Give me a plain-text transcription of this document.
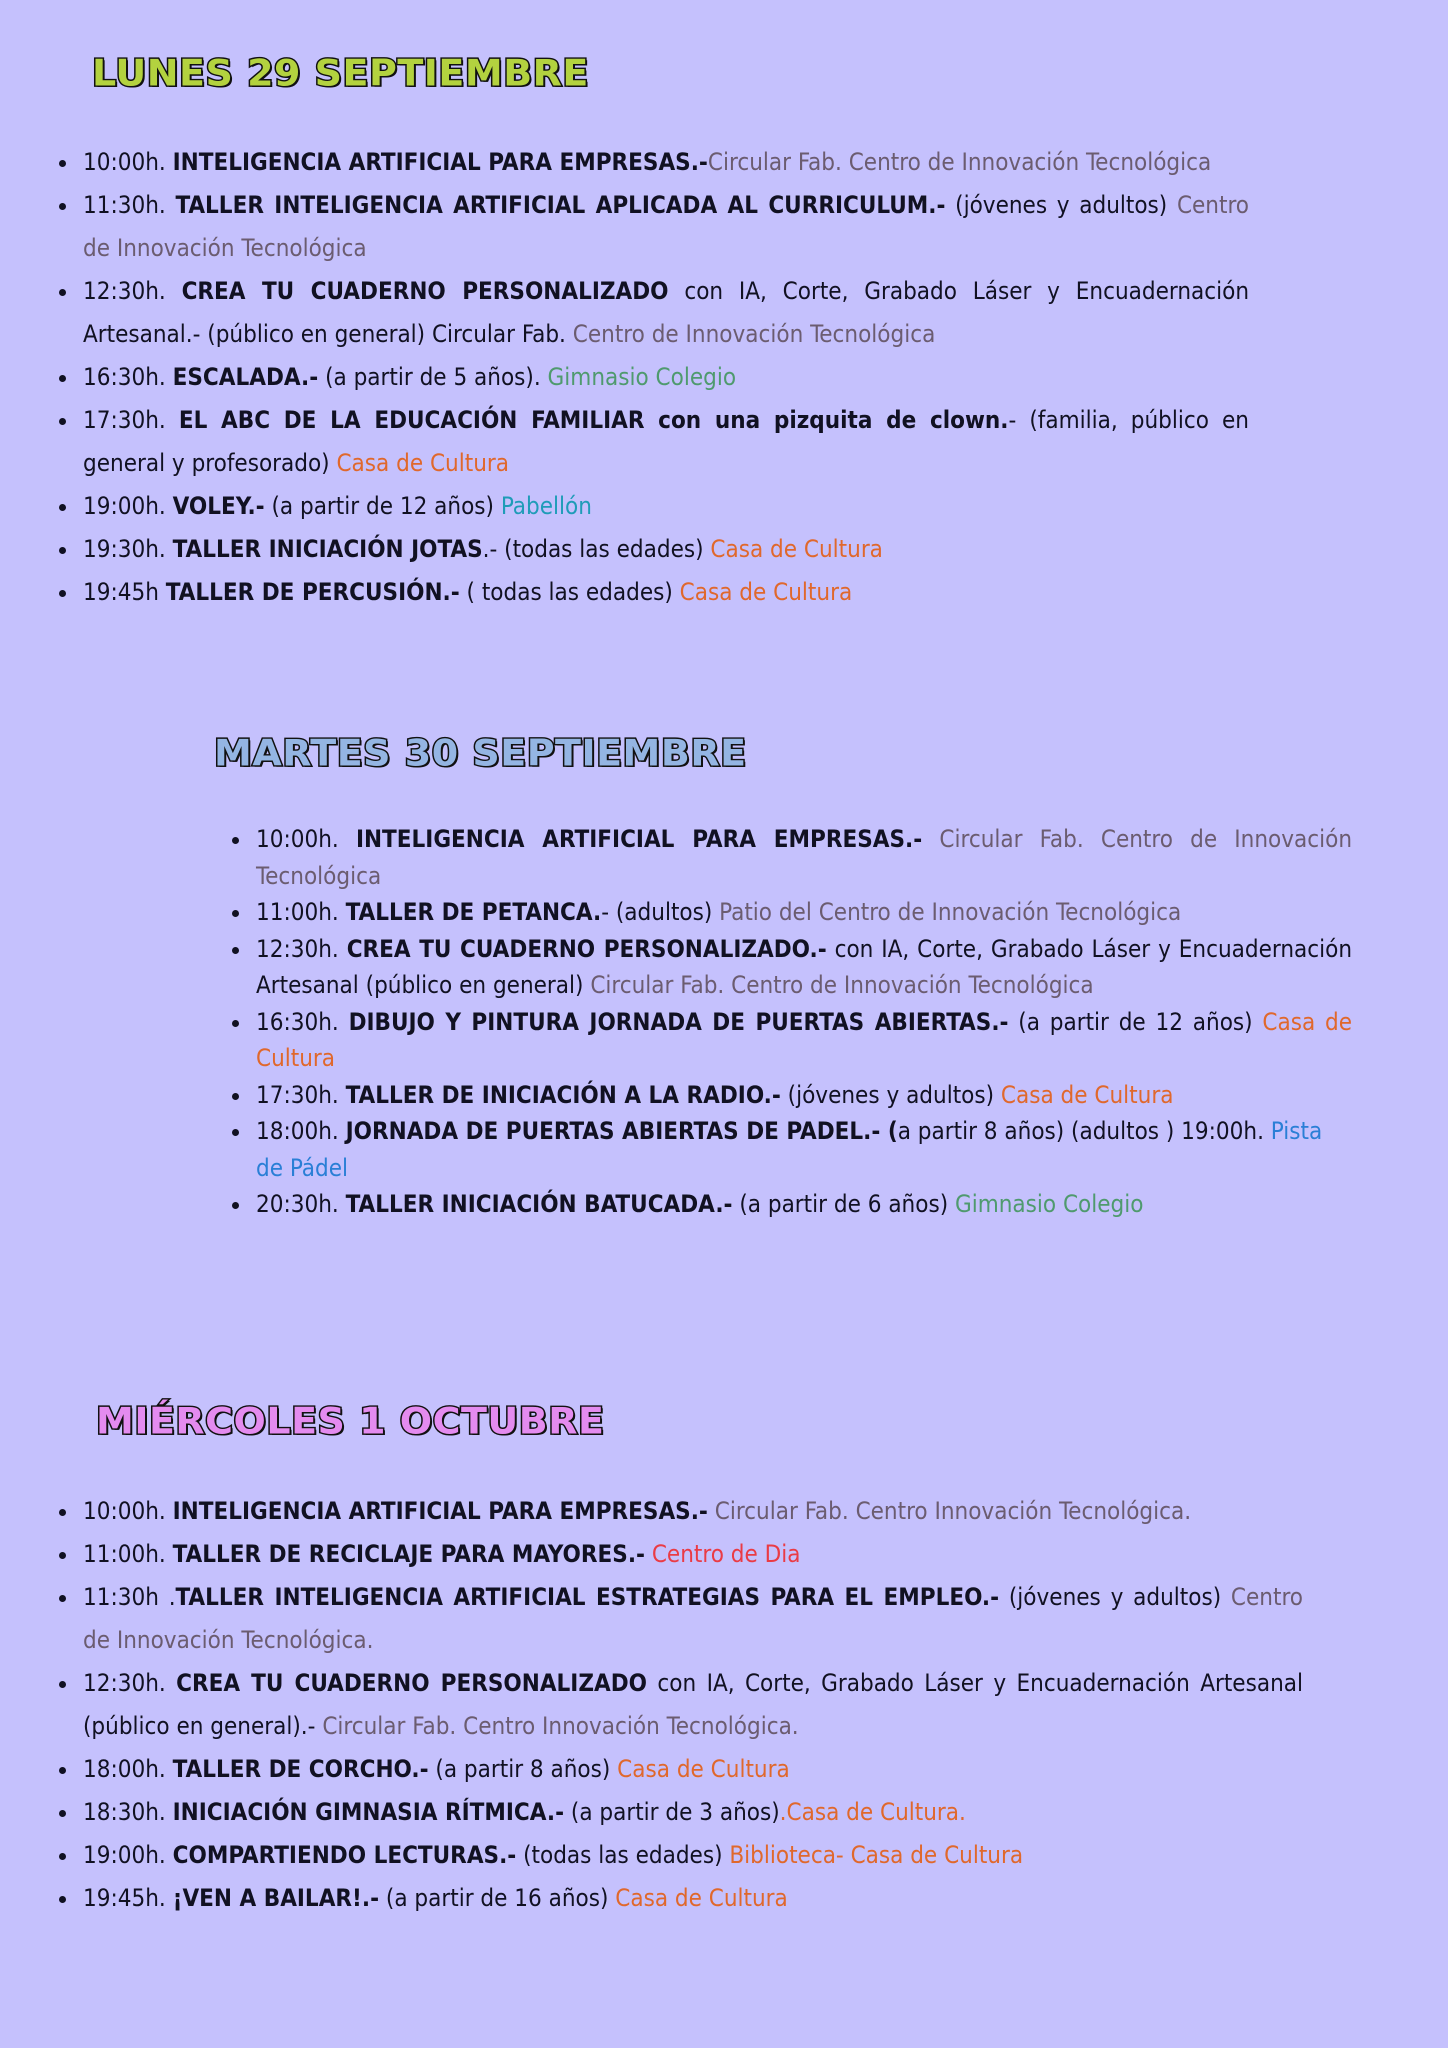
LUNES 29 SEPTIEMBRE
10:00h. INTELIGENCIA ARTIFICIAL PARA EMPRESAS.-Circular Fab. Centro de Innovación Tecnológica
11:30h. TALLER INTELIGENCIA ARTIFICIAL APLICADA AL CURRICULUM.- (jóvenes y adultos) Centro de Innovación Tecnológica
12:30h. CREA TU CUADERNO PERSONALIZADO con IA, Corte, Grabado Láser y Encuadernación Artesanal.- (público en general) Circular Fab. Centro de Innovación Tecnológica
16:30h. ESCALADA.- (a partir de 5 años). Gimnasio Colegio
17:30h. EL ABC DE LA EDUCACIÓN FAMILIAR con una pizquita de clown.- (familia, público en general y profesorado) Casa de Cultura
19:00h. VOLEY.- (a partir de 12 años) Pabellón
19:30h. TALLER INICIACIÓN JOTAS.- (todas las edades) Casa de Cultura
19:45h TALLER DE PERCUSIÓN.- ( todas las edades) Casa de Cultura
MARTES 30 SEPTIEMBRE
10:00h. INTELIGENCIA ARTIFICIAL PARA EMPRESAS.- Circular Fab. Centro de Innovación Tecnológica
11:00h. TALLER DE PETANCA.- (adultos) Patio del Centro de Innovación Tecnológica
12:30h. CREA TU CUADERNO PERSONALIZADO.- con IA, Corte, Grabado Láser y Encuadernación Artesanal (público en general) Circular Fab. Centro de Innovación Tecnológica
16:30h. DIBUJO Y PINTURA JORNADA DE PUERTAS ABIERTAS.- (a partir de 12 años) Casa de Cultura
17:30h. TALLER DE INICIACIÓN A LA RADIO.- (jóvenes y adultos) Casa de Cultura
18:00h. JORNADA DE PUERTAS ABIERTAS DE PADEL.- (a partir 8 años) (adultos ) 19:00h. Pista de Pádel
20:30h. TALLER INICIACIÓN BATUCADA.- (a partir de 6 años) Gimnasio Colegio
MIÉRCOLES 1 OCTUBRE
10:00h. INTELIGENCIA ARTIFICIAL PARA EMPRESAS.- Circular Fab. Centro Innovación Tecnológica.
11:00h. TALLER DE RECICLAJE PARA MAYORES.- Centro de Dia
11:30h .TALLER INTELIGENCIA ARTIFICIAL ESTRATEGIAS PARA EL EMPLEO.- (jóvenes y adultos) Centro de Innovación Tecnológica.
12:30h. CREA TU CUADERNO PERSONALIZADO con IA, Corte, Grabado Láser y Encuadernación Artesanal (público en general).- Circular Fab. Centro Innovación Tecnológica.
18:00h. TALLER DE CORCHO.- (a partir 8 años) Casa de Cultura
18:30h. INICIACIÓN GIMNASIA RÍTMICA.- (a partir de 3 años).Casa de Cultura.
19:00h. COMPARTIENDO LECTURAS.- (todas las edades) Biblioteca- Casa de Cultura
19:45h. ¡VEN A BAILAR!.- (a partir de 16 años) Casa de Cultura
